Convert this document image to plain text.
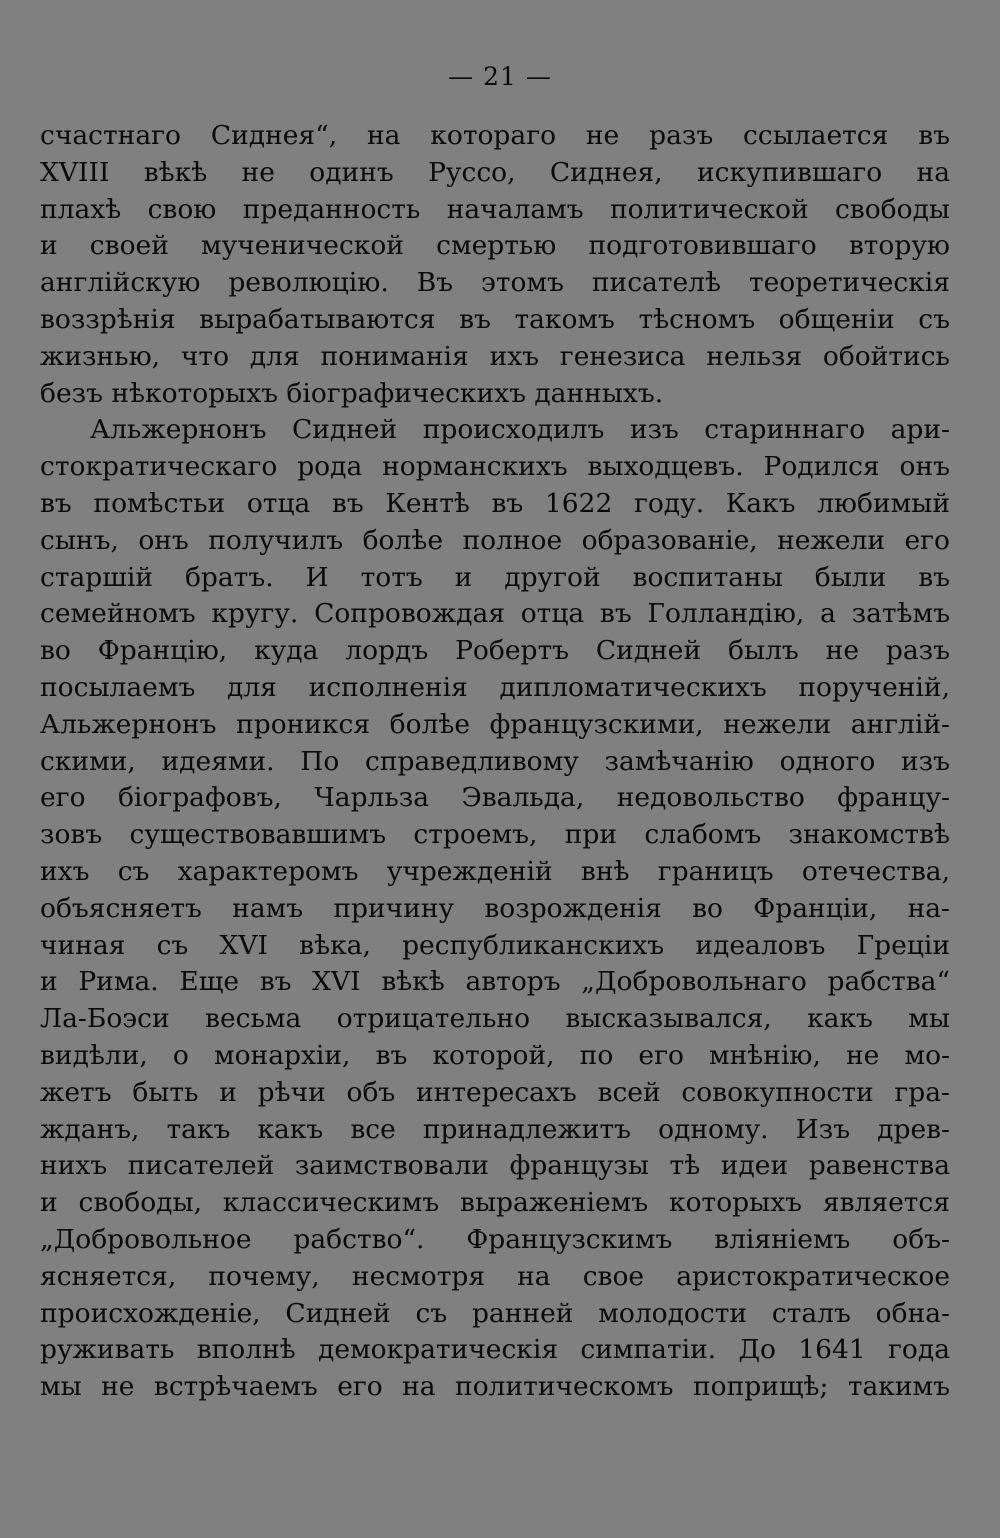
— 21 —
счастнаго Сиднея“, на котораго не разъ ссылается въ
XVIII вѣкѣ не одинъ Руссо, Сиднея, искупившаго на
плахѣ свою преданность началамъ политической свободы
и своей мученической смертью подготовившаго вторую
англійскую революцію. Въ этомъ писателѣ теоретическія
воззрѣнія вырабатываются въ такомъ тѣсномъ общеніи съ
жизнью, что для пониманія ихъ генезиса нельзя обойтись
безъ нѣкоторыхъ біографическихъ данныхъ.
Альжернонъ Сидней происходилъ изъ стариннаго ари-
стократическаго рода норманскихъ выходцевъ. Родился онъ
въ помѣстьи отца въ Кентѣ въ 1622 году. Какъ любимый
сынъ, онъ получилъ болѣе полное образованіе, нежели его
старшій братъ. И тотъ и другой воспитаны были въ
семейномъ кругу. Сопровождая отца въ Голландію, а затѣмъ
во Францію, куда лордъ Робертъ Сидней былъ не разъ
посылаемъ для исполненія дипломатическихъ порученій,
Альжернонъ проникся болѣе французскими, нежели англій-
скими, идеями. По справедливому замѣчанію одного изъ
его біографовъ, Чарльза Эвальда, недовольство францу-
зовъ существовавшимъ строемъ, при слабомъ знакомствѣ
ихъ съ характеромъ учрежденій внѣ границъ отечества,
объясняетъ намъ причину возрожденія во Франціи, на-
чиная съ XVI вѣка, республиканскихъ идеаловъ Греціи
и Рима. Еще въ XVI вѣкѣ авторъ „Добровольнаго рабства“
Ла-Боэси весьма отрицательно высказывался, какъ мы
видѣли, о монархіи, въ которой, по его мнѣнію, не мо-
жетъ быть и рѣчи объ интересахъ всей совокупности гра-
жданъ, такъ какъ все принадлежитъ одному. Изъ древ-
нихъ писателей заимствовали французы тѣ идеи равенства
и свободы, классическимъ выраженіемъ которыхъ является
„Добровольное рабство“. Французскимъ вліяніемъ объ-
ясняется, почему, несмотря на свое аристократическое
происхожденіе, Сидней съ ранней молодости сталъ обна-
руживать вполнѣ демократическія симпатіи. До 1641 года
мы не встрѣчаемъ его на политическомъ поприщѣ; такимъ
